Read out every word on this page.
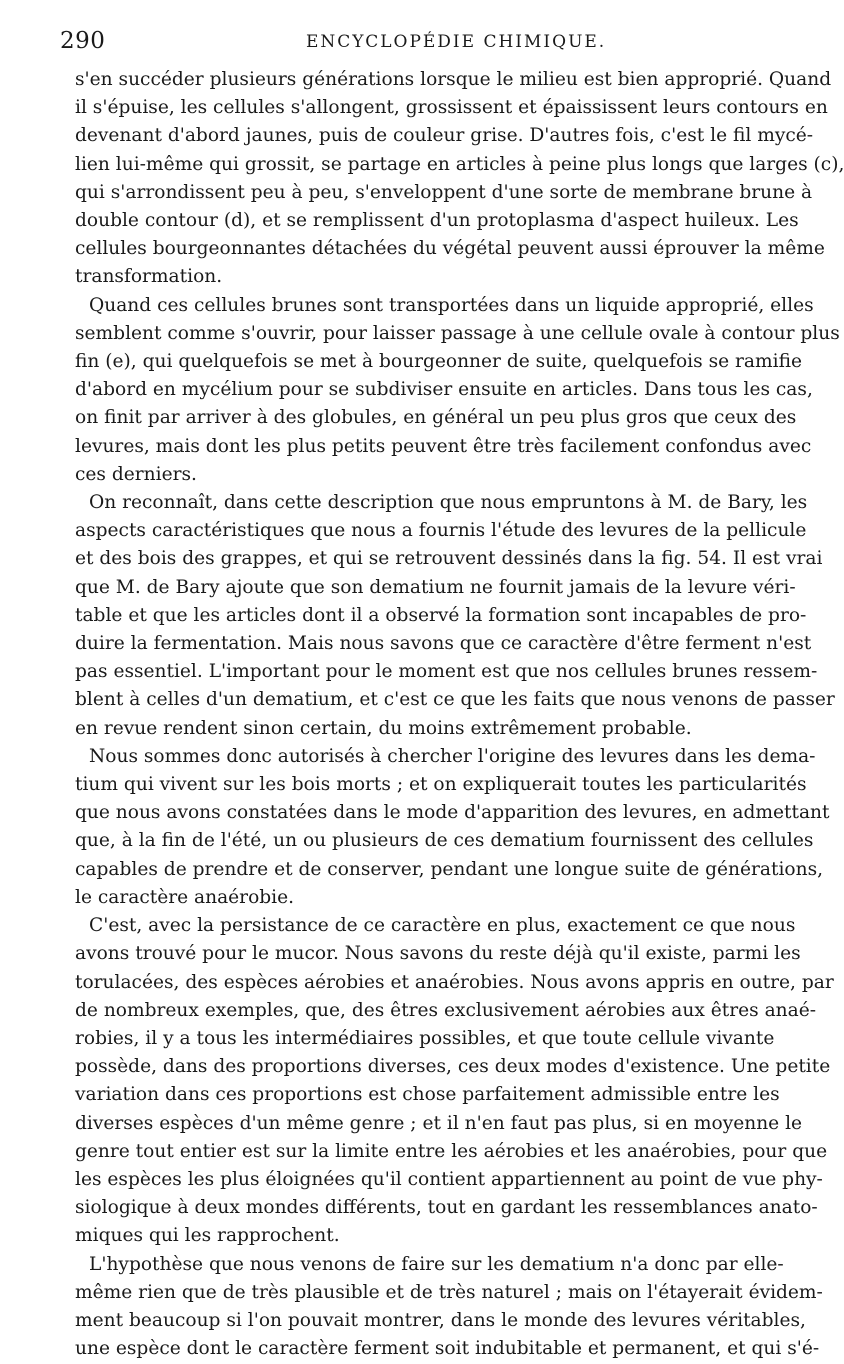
290	ENCYCLOPÉDIE CHIMIQUE.
s'en succéder plusieurs générations lorsque le milieu est bien approprié. Quand
il s'épuise, les cellules s'allongent, grossissent et épaississent leurs contours en
devenant d'abord jaunes, puis de couleur grise. D'autres fois, c'est le fil mycé-
lien lui-même qui grossit, se partage en articles à peine plus longs que larges (c),
qui s'arrondissent peu à peu, s'enveloppent d'une sorte de membrane brune à
double contour (d), et se remplissent d'un protoplasma d'aspect huileux. Les
cellules bourgeonnantes détachées du végétal peuvent aussi éprouver la même
transformation.
Quand ces cellules brunes sont transportées dans un liquide approprié, elles
semblent comme s'ouvrir, pour laisser passage à une cellule ovale à contour plus
fin (e), qui quelquefois se met à bourgeonner de suite, quelquefois se ramifie
d'abord en mycélium pour se subdiviser ensuite en articles. Dans tous les cas,
on finit par arriver à des globules, en général un peu plus gros que ceux des
levures, mais dont les plus petits peuvent être très facilement confondus avec
ces derniers.
On reconnaît, dans cette description que nous empruntons à M. de Bary, les
aspects caractéristiques que nous a fournis l'étude des levures de la pellicule
et des bois des grappes, et qui se retrouvent dessinés dans la fig. 54. Il est vrai
que M. de Bary ajoute que son dematium ne fournit jamais de la levure véri-
table et que les articles dont il a observé la formation sont incapables de pro-
duire la fermentation. Mais nous savons que ce caractère d'être ferment n'est
pas essentiel. L'important pour le moment est que nos cellules brunes ressem-
blent à celles d'un dematium, et c'est ce que les faits que nous venons de passer
en revue rendent sinon certain, du moins extrêmement probable.
Nous sommes donc autorisés à chercher l'origine des levures dans les dema-
tium qui vivent sur les bois morts ; et on expliquerait toutes les particularités
que nous avons constatées dans le mode d'apparition des levures, en admettant
que, à la fin de l'été, un ou plusieurs de ces dematium fournissent des cellules
capables de prendre et de conserver, pendant une longue suite de générations,
le caractère anaérobie.
C'est, avec la persistance de ce caractère en plus, exactement ce que nous
avons trouvé pour le mucor. Nous savons du reste déjà qu'il existe, parmi les
torulacées, des espèces aérobies et anaérobies. Nous avons appris en outre, par
de nombreux exemples, que, des êtres exclusivement aérobies aux êtres anaé-
robies, il y a tous les intermédiaires possibles, et que toute cellule vivante
possède, dans des proportions diverses, ces deux modes d'existence. Une petite
variation dans ces proportions est chose parfaitement admissible entre les
diverses espèces d'un même genre ; et il n'en faut pas plus, si en moyenne le
genre tout entier est sur la limite entre les aérobies et les anaérobies, pour que
les espèces les plus éloignées qu'il contient appartiennent au point de vue phy-
siologique à deux mondes différents, tout en gardant les ressemblances anato-
miques qui les rapprochent.
L'hypothèse que nous venons de faire sur les dematium n'a donc par elle-
même rien que de très plausible et de très naturel ; mais on l'étayerait évidem-
ment beaucoup si l'on pouvait montrer, dans le monde des levures véritables,
une espèce dont le caractère ferment soit indubitable et permanent, et qui s'é-
